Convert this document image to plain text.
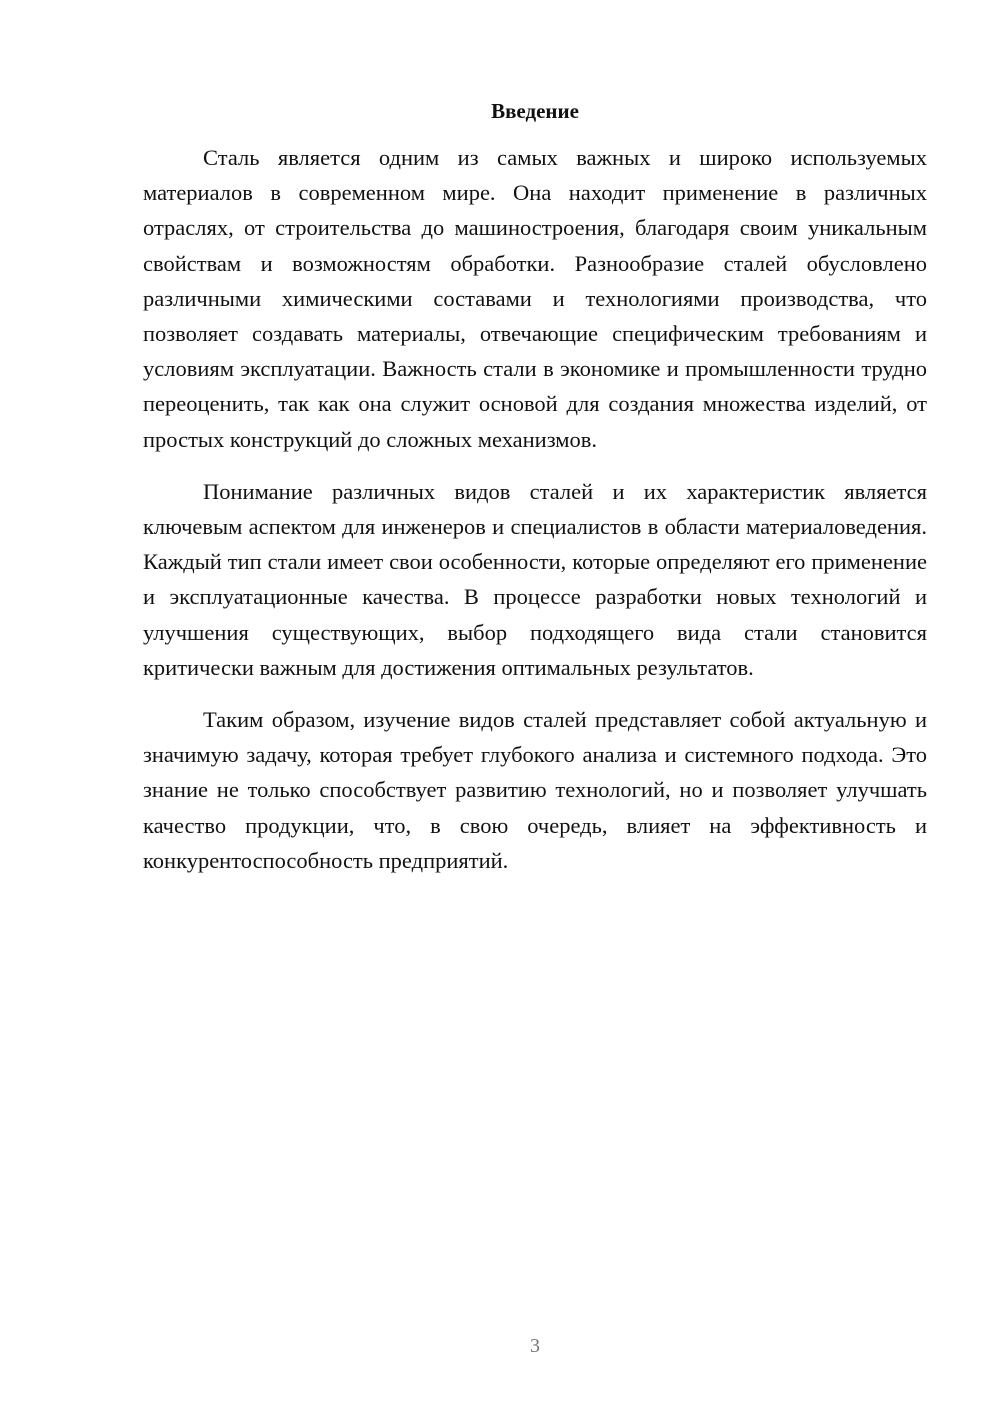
Введение

Сталь является одним из самых важных и широко используемых материалов в современном мире. Она находит применение в различных отраслях, от строительства до машиностроения, благодаря своим уникальным свойствам и возможностям обработки. Разнообразие сталей обусловлено различными химическими составами и технологиями производства, что позволяет создавать материалы, отвечающие специфическим требованиям и условиям эксплуатации. Важность стали в экономике и промышленности трудно переоценить, так как она служит основой для создания множества изделий, от простых конструкций до сложных механизмов.

Понимание различных видов сталей и их характеристик является ключевым аспектом для инженеров и специалистов в области материаловедения. Каждый тип стали имеет свои особенности, которые определяют его применение и эксплуатационные качества. В процессе разработки новых технологий и улучшения существующих, выбор подходящего вида стали становится критически важным для достижения оптимальных результатов.

Таким образом, изучение видов сталей представляет собой актуальную и значимую задачу, которая требует глубокого анализа и системного подхода. Это знание не только способствует развитию технологий, но и позволяет улучшать качество продукции, что, в свою очередь, влияет на эффективность и конкурентоспособность предприятий.

3
